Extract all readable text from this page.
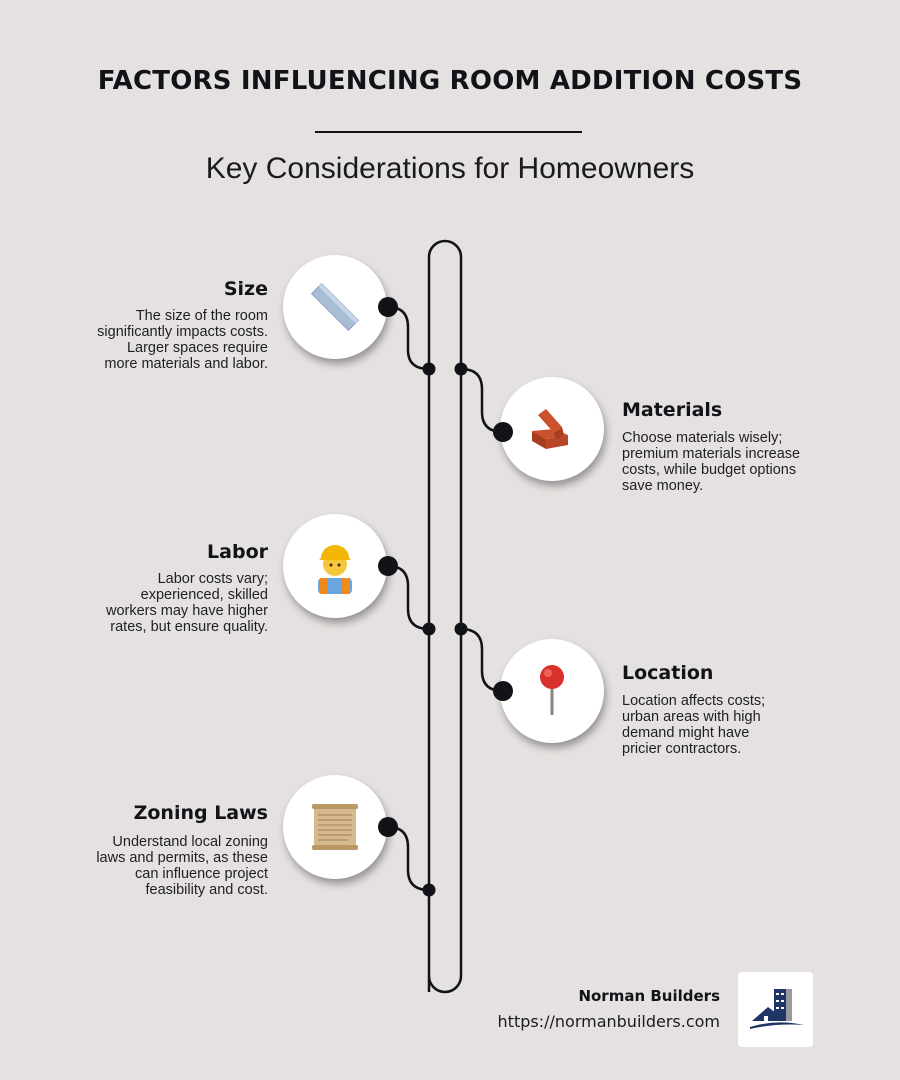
FACTORS INFLUENCING ROOM ADDITION COSTS
Key Considerations for Homeowners
Size
The size of the room
significantly impacts costs.
Larger spaces require
more materials and labor.
Materials
Choose materials wisely;
premium materials increase
costs, while budget options
save money.
Labor
Labor costs vary;
experienced, skilled
workers may have higher
rates, but ensure quality.
Location
Location affects costs;
urban areas with high
demand might have
pricier contractors.
Zoning Laws
Understand local zoning
laws and permits, as these
can influence project
feasibility and cost.
Norman Builders
https://normanbuilders.com
